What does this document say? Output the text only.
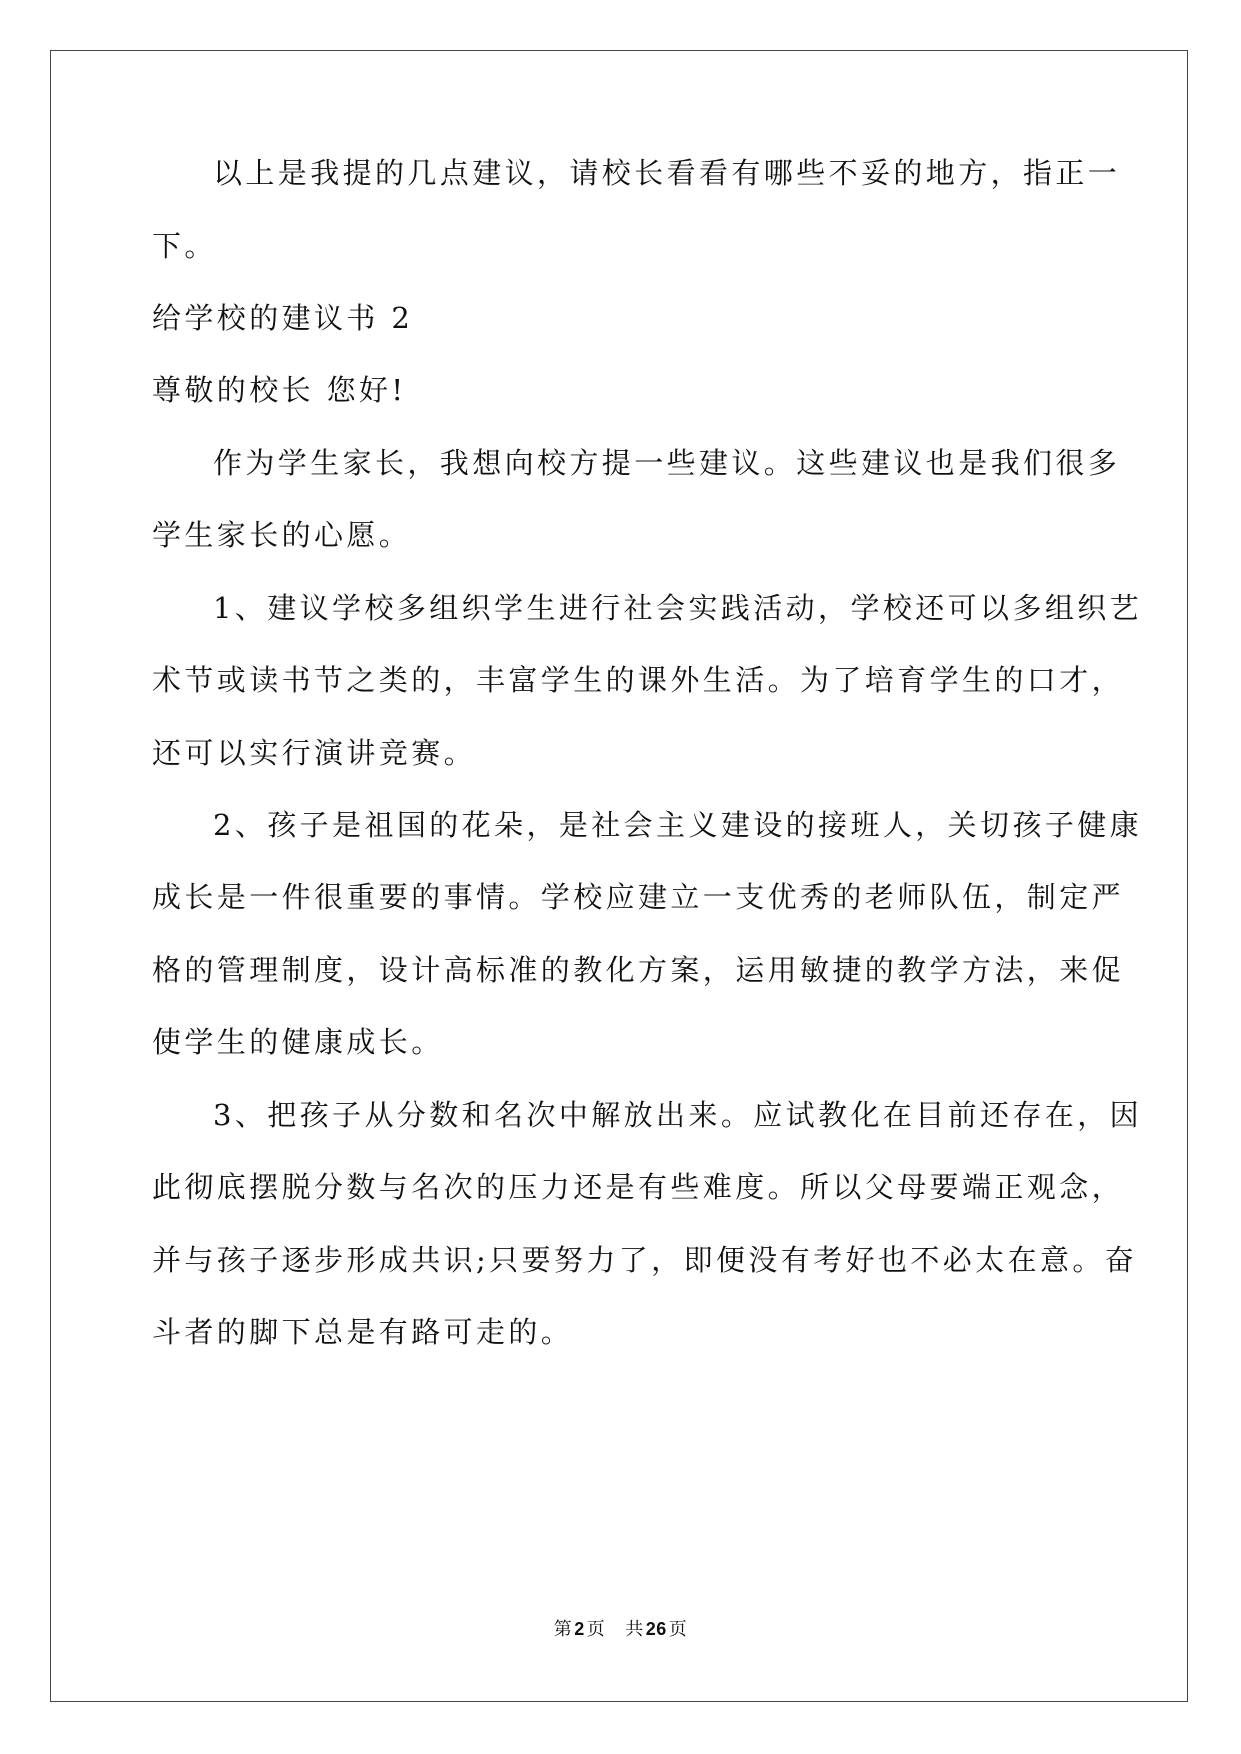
以上是我提的几点建议，请校长看看有哪些不妥的地方，指正一
下。
给学校的建议书 2
尊敬的校长 您好!
作为学生家长，我想向校方提一些建议。这些建议也是我们很多
学生家长的心愿。
1、建议学校多组织学生进行社会实践活动，学校还可以多组织艺
术节或读书节之类的，丰富学生的课外生活。为了培育学生的口才，
还可以实行演讲竞赛。
2、孩子是祖国的花朵，是社会主义建设的接班人，关切孩子健康
成长是一件很重要的事情。学校应建立一支优秀的老师队伍，制定严
格的管理制度，设计高标准的教化方案，运用敏捷的教学方法，来促
使学生的健康成长。
3、把孩子从分数和名次中解放出来。应试教化在目前还存在，因
此彻底摆脱分数与名次的压力还是有些难度。所以父母要端正观念，
并与孩子逐步形成共识;只要努力了，即便没有考好也不必太在意。奋
斗者的脚下总是有路可走的。
第 2 页 共 26 页
